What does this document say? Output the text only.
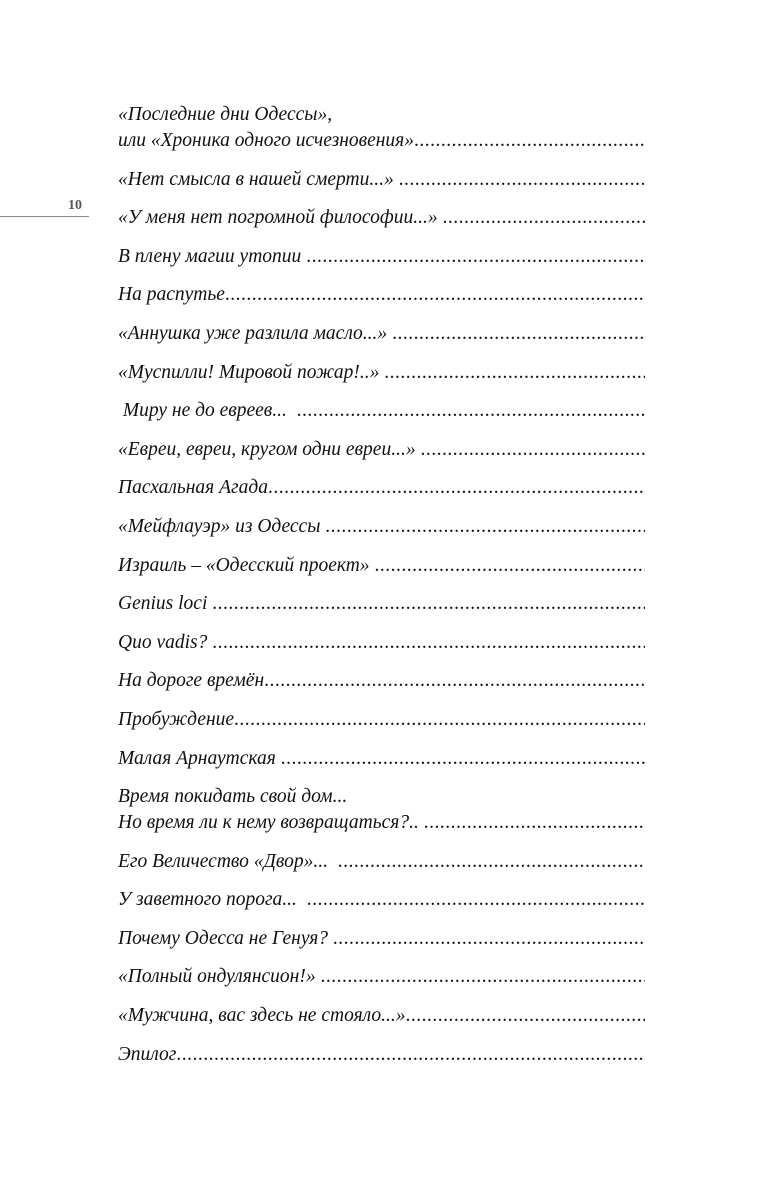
10
«Последние дни Одессы»,
или «Хроника одного исчезновения»
.....
«Нет смысла в нашей смерти...»
.....
«У меня нет погромной философии...»
.....
В плену магии утопии
.....
На распутье
.....
«Аннушка уже разлила масло...»
.....
«Муспилли! Мировой пожар!..»
.....
Миру не до евреев...
.....
«Евреи, евреи, кругом одни евреи...»
.....
Пасхальная Агада
.....
«Мейфлауэр» из Одессы
.....
Израиль – «Одесский проект»
.....
Genius loci
.....
Quo vadis?
.....
На дороге времён
.....
Пробуждение
.....
Малая Арнаутская
.....
Время покидать свой дом...
Но время ли к нему возвращаться?..
.....
Его Величество «Двор»...
.....
У заветного порога...
.....
Почему Одесса не Генуя?
.....
«Полный ондулянсион!»
.....
«Мужчина, вас здесь не стояло...»
.....
Эпилог
.....
